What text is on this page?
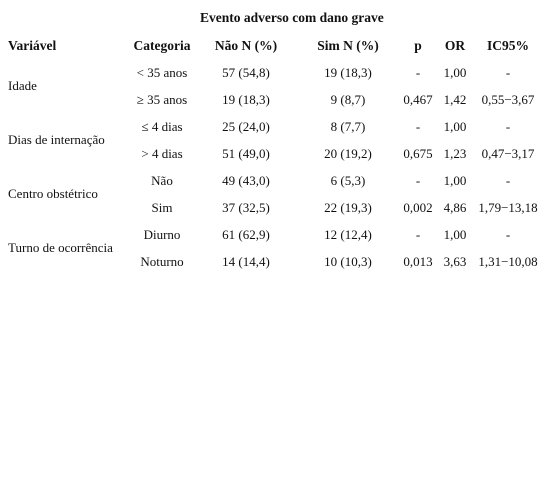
Evento adverso com dano grave
Variável	Categoria Não N (%)	Sim N (%)	p OR IC95%
Idade
< 35 anos	57 (54,8)	19 (18,3)	- 1,00	-
≥ 35 anos	19 (18,3)	9 (8,7)	0,467 1,42 0,55−3,67
Dias de internação
≤ 4 dias	25 (24,0)	8 (7,7)	- 1,00	-
> 4 dias	51 (49,0)	20 (19,2) 0,675 1,23 0,47−3,17
Centro obstétrico
Não	49 (43,0)	6 (5,3)	- 1,00	-
Sim	37 (32,5)	22 (19,3) 0,002 4,86 1,79−13,18
Turno de ocorrência
Diurno	61 (62,9)	12 (12,4)	- 1,00	-
Noturno	14 (14,4)	10 (10,3) 0,013 3,63 1,31−10,08
